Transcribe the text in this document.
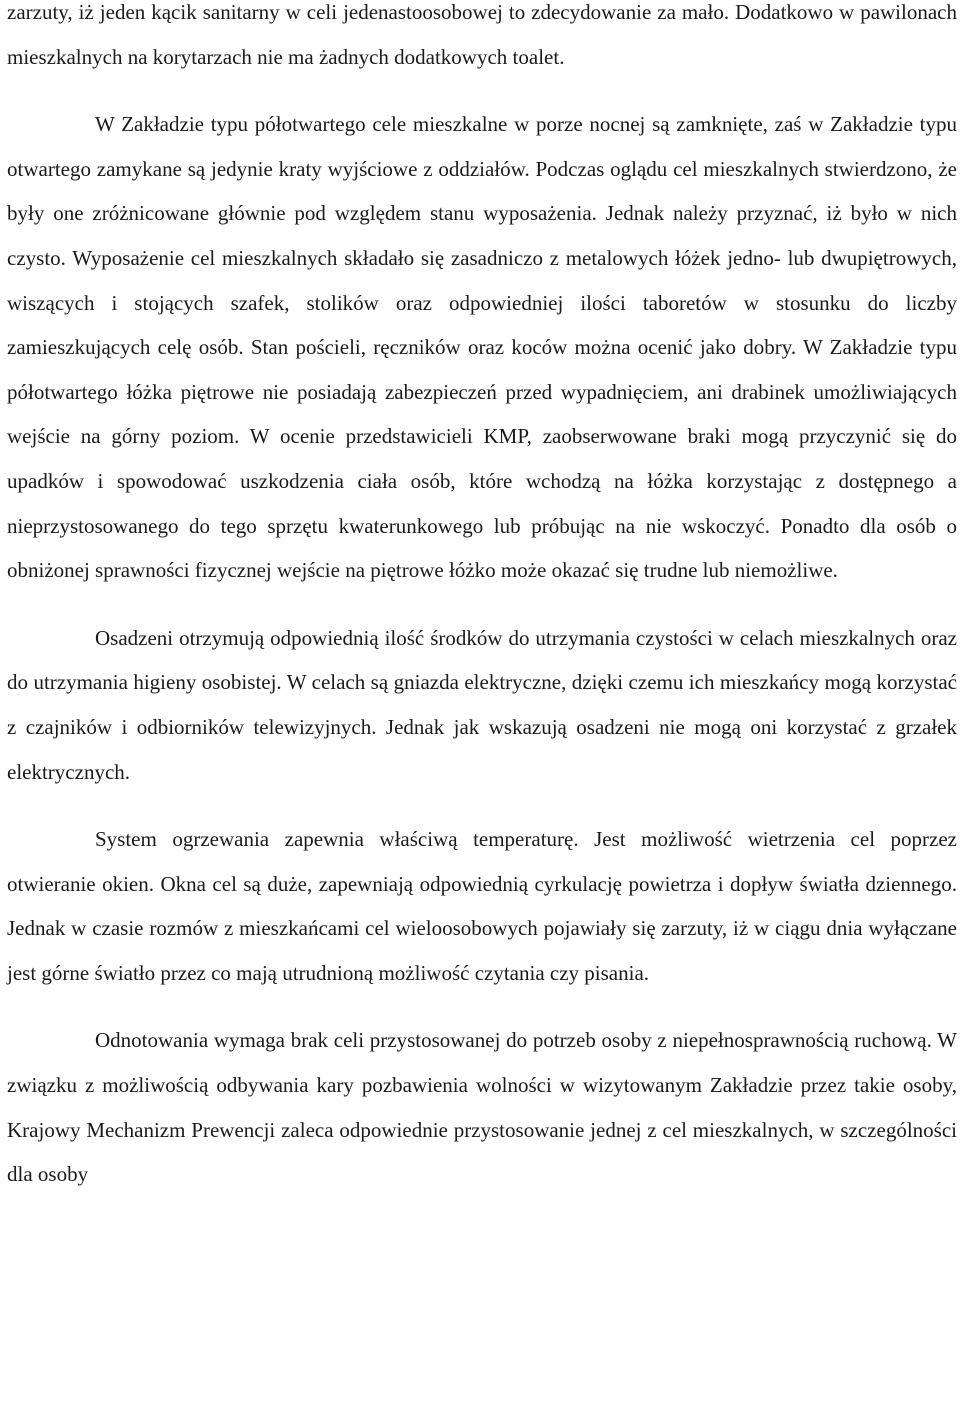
zarzuty, iż jeden kącik sanitarny w celi jedenastoosobowej to zdecydowanie za mało. Dodatkowo w pawilonach mieszkalnych na korytarzach nie ma żadnych dodatkowych toalet.

W Zakładzie typu półotwartego cele mieszkalne w porze nocnej są zamknięte, zaś w Zakładzie typu otwartego zamykane są jedynie kraty wyjściowe z oddziałów. Podczas oglądu cel mieszkalnych stwierdzono, że były one zróżnicowane głównie pod względem stanu wyposażenia. Jednak należy przyznać, iż było w nich czysto. Wyposażenie cel mieszkalnych składało się zasadniczo z metalowych łóżek jedno- lub dwupiętrowych, wiszących i stojących szafek, stolików oraz odpowiedniej ilości taboretów w stosunku do liczby zamieszkujących celę osób. Stan pościeli, ręczników oraz koców można ocenić jako dobry. W Zakładzie typu półotwartego łóżka piętrowe nie posiadają zabezpieczeń przed wypadnięciem, ani drabinek umożliwiających wejście na górny poziom. W ocenie przedstawicieli KMP, zaobserwowane braki mogą przyczynić się do upadków i spowodować uszkodzenia ciała osób, które wchodzą na łóżka korzystając z dostępnego a nieprzystosowanego do tego sprzętu kwaterunkowego lub próbując na nie wskoczyć. Ponadto dla osób o obniżonej sprawności fizycznej wejście na piętrowe łóżko może okazać się trudne lub niemożliwe.

Osadzeni otrzymują odpowiednią ilość środków do utrzymania czystości w celach mieszkalnych oraz do utrzymania higieny osobistej. W celach są gniazda elektryczne, dzięki czemu ich mieszkańcy mogą korzystać z czajników i odbiorników telewizyjnych. Jednak jak wskazują osadzeni nie mogą oni korzystać z grzałek elektrycznych.

System ogrzewania zapewnia właściwą temperaturę. Jest możliwość wietrzenia cel poprzez otwieranie okien. Okna cel są duże, zapewniają odpowiednią cyrkulację powietrza i dopływ światła dziennego. Jednak w czasie rozmów z mieszkańcami cel wieloosobowych pojawiały się zarzuty, iż w ciągu dnia wyłączane jest górne światło przez co mają utrudnioną możliwość czytania czy pisania.

Odnotowania wymaga brak celi przystosowanej do potrzeb osoby z niepełnosprawnością ruchową. W związku z możliwością odbywania kary pozbawienia wolności w wizytowanym Zakładzie przez takie osoby, Krajowy Mechanizm Prewencji zaleca odpowiednie przystosowanie jednej z cel mieszkalnych, w szczególności dla osoby
